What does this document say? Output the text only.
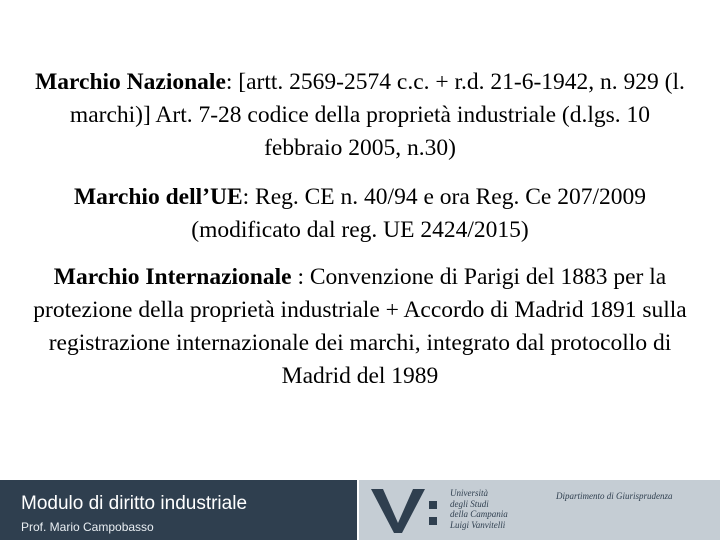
Marchio Nazionale: [artt. 2569-2574 c.c. + r.d. 21-6-1942, n. 929 (l. marchi)] Art. 7-28 codice della proprietà industriale (d.lgs. 10 febbraio 2005, n.30)

Marchio dell’UE: Reg. CE n. 40/94 e ora Reg. Ce 207/2009 (modificato dal reg. UE 2424/2015)

Marchio Internazionale : Convenzione di Parigi del 1883 per la protezione della proprietà industriale + Accordo di Madrid 1891 sulla registrazione internazionale dei marchi, integrato dal protocollo di Madrid del 1989

Modulo di diritto industriale
Prof. Mario Campobasso
Università
degli Studi
della Campania
Luigi Vanvitelli
Dipartimento di Giurisprudenza
